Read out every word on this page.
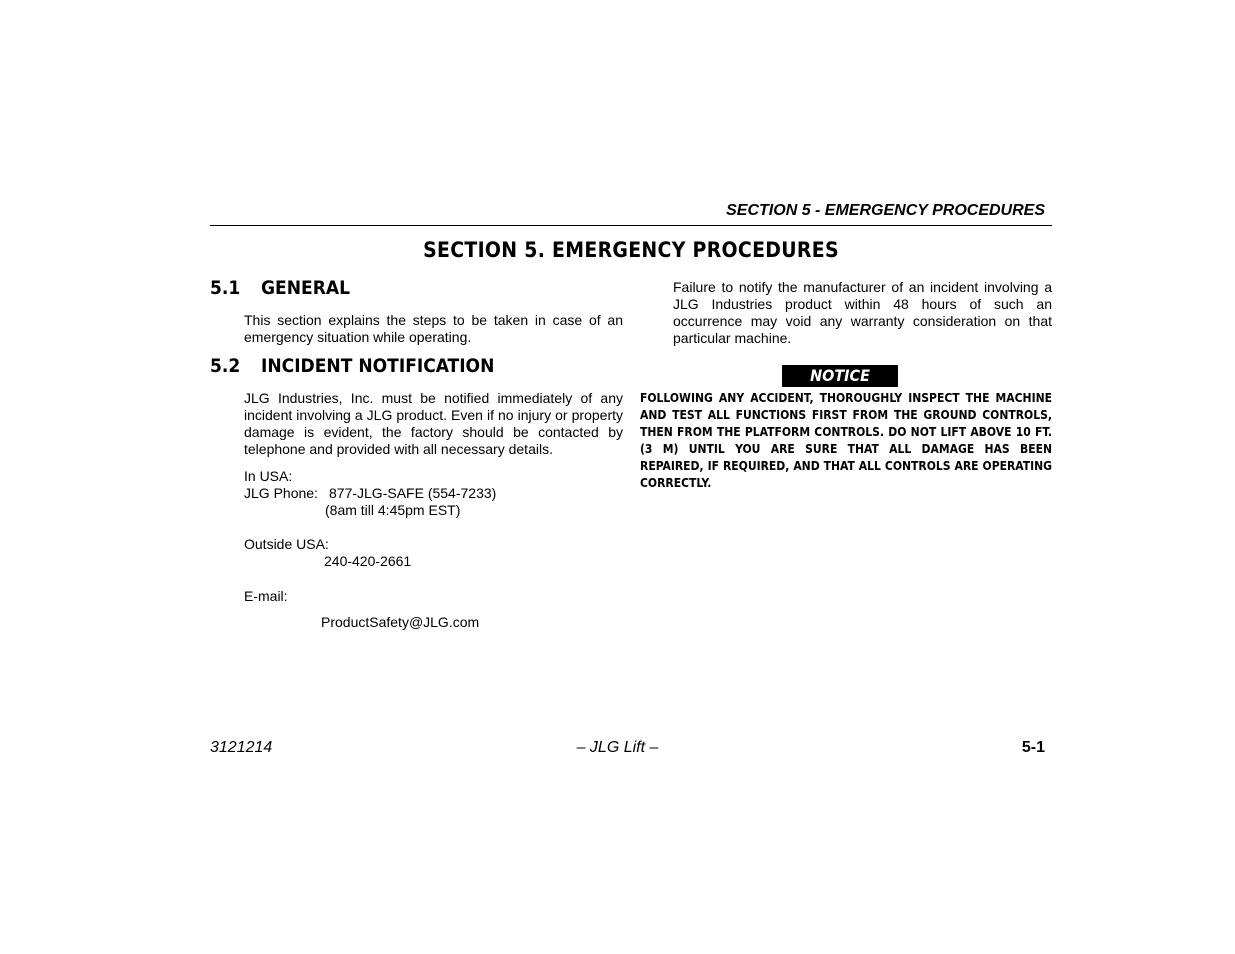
SECTION 5 - EMERGENCY PROCEDURES
SECTION 5. EMERGENCY PROCEDURES
5.1 GENERAL
This section explains the steps to be taken in case of an emergency situation while operating.
5.2 INCIDENT NOTIFICATION
JLG Industries, Inc. must be notified immediately of any incident involving a JLG product. Even if no injury or property damage is evident, the factory should be contacted by telephone and provided with all necessary details.
In USA:
JLG Phone: 877-JLG-SAFE (554-7233)
(8am till 4:45pm EST)
Outside USA:
240-420-2661
E-mail:
ProductSafety@JLG.com
Failure to notify the manufacturer of an incident involving a JLG Industries product within 48 hours of such an occurrence may void any warranty consideration on that particular machine.
NOTICE
FOLLOWING ANY ACCIDENT, THOROUGHLY INSPECT THE MACHINE AND TEST ALL FUNCTIONS FIRST FROM THE GROUND CONTROLS, THEN FROM THE PLATFORM CONTROLS. DO NOT LIFT ABOVE 10 FT. (3 M) UNTIL YOU ARE SURE THAT ALL DAMAGE HAS BEEN REPAIRED, IF REQUIRED, AND THAT ALL CONTROLS ARE OPERATING CORRECTLY.
3121214	– JLG Lift –	5-1
